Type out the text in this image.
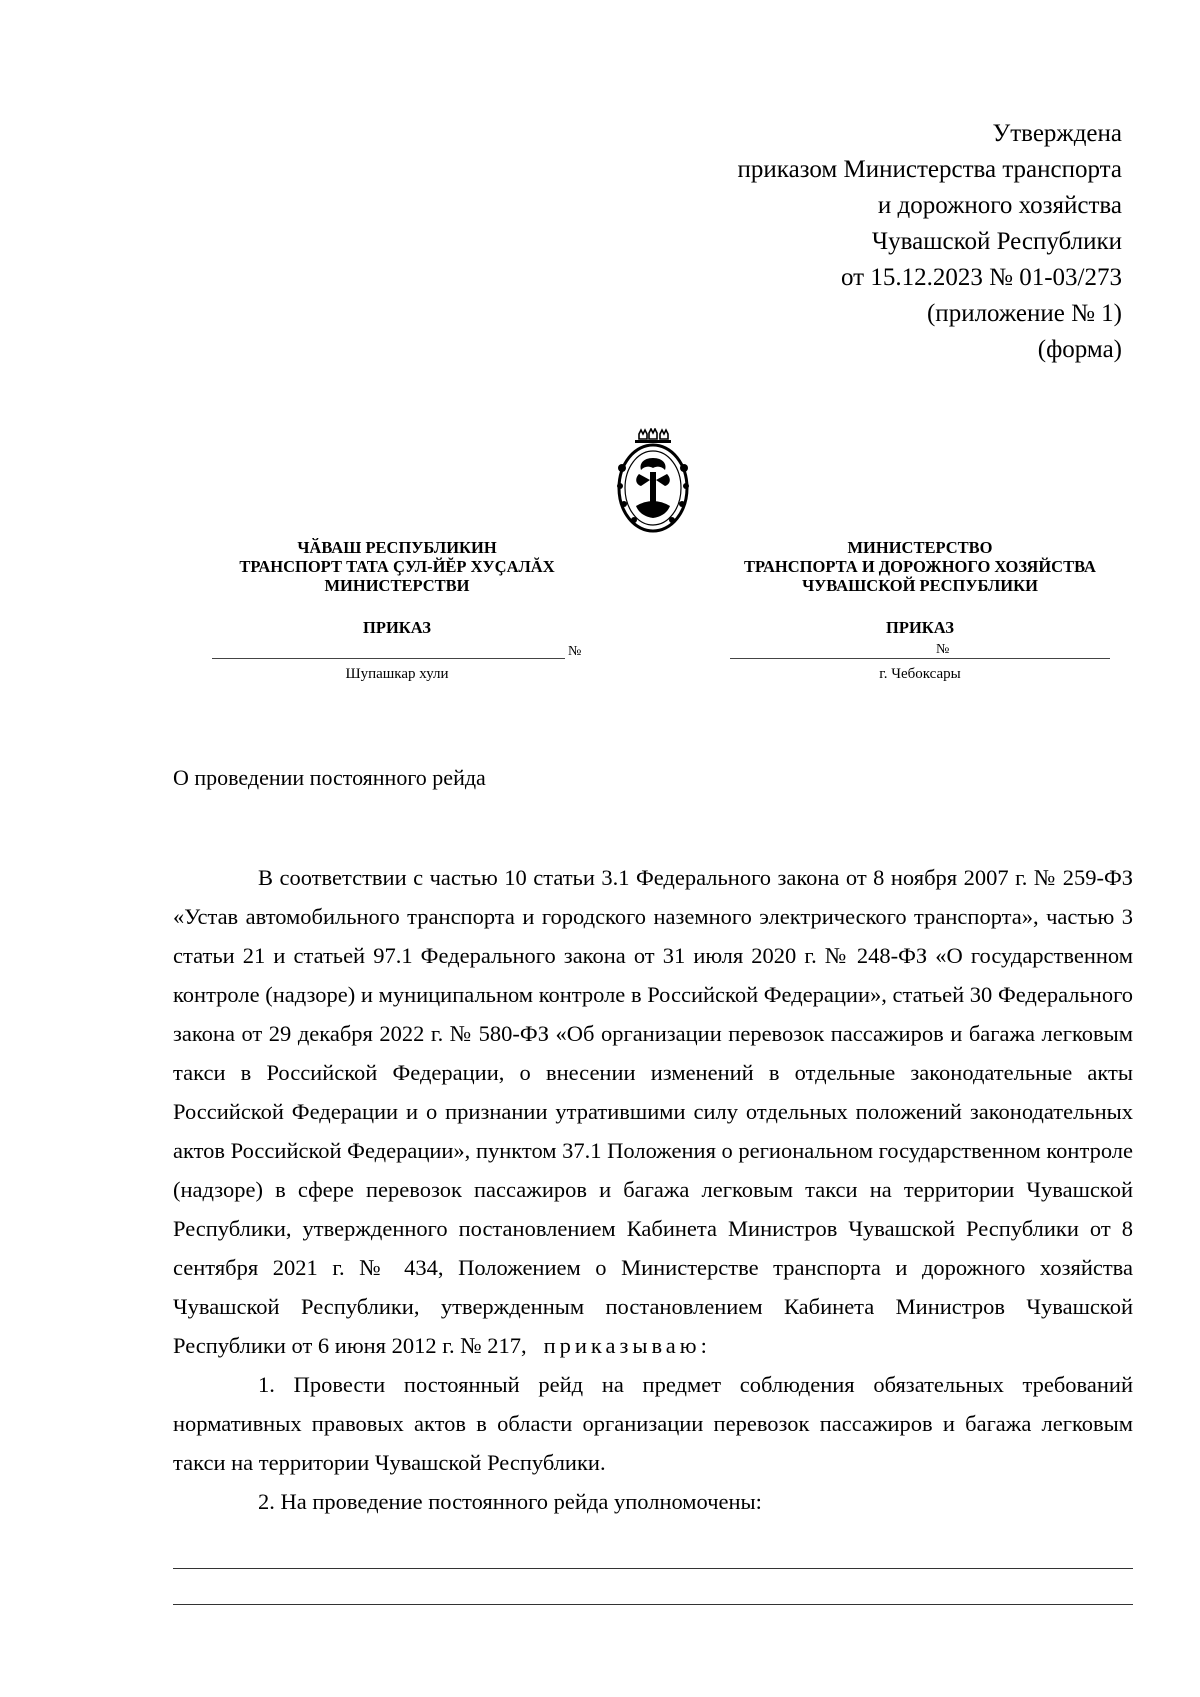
Утверждена
приказом Министерства транспорта
и дорожного хозяйства
Чувашской Республики
от 15.12.2023 № 01-03/273
(приложение № 1)
(форма)
ЧӐВАШ РЕСПУБЛИКИН
ТРАНСПОРТ ТАТА ҪУЛ-ЙĔР ХУҪАЛĂХ
МИНИСТЕРСТВИ
ПРИКАЗ
МИНИСТЕРСТВО
ТРАНСПОРТА И ДОРОЖНОГО ХОЗЯЙСТВА
ЧУВАШСКОЙ РЕСПУБЛИКИ
ПРИКАЗ
№
Шупашкар хули
№
г. Чебоксары
О проведении постоянного рейда

В соответствии с частью 10 статьи 3.1 Федерального закона от 8 ноября 2007 г. № 259-ФЗ «Устав автомобильного транспорта и городского наземного электрического транспорта», частью 3 статьи 21 и статьей 97.1 Федерального закона от 31 июля 2020 г. № 248-ФЗ «О государственном контроле (надзоре) и муниципальном контроле в Российской Федерации», статьей 30 Федерального закона от 29 декабря 2022 г. № 580-ФЗ «Об организации перевозок пассажиров и багажа легковым такси в Российской Федерации, о внесении изменений в отдельные законодательные акты Российской Федерации и о признании утратившими силу отдельных положений законодательных актов Российской Федерации», пунктом 37.1 Положения о региональном государственном контроле (надзоре) в сфере перевозок пассажиров и багажа легковым такси на территории Чувашской Республики, утвержденного постановлением Кабинета Министров Чувашской Республики от 8 сентября 2021 г. № 434, Положением о Министерстве транспорта и дорожного хозяйства Чувашской Республики, утвержденным постановлением Кабинета Министров Чувашской Республики от 6 июня 2012 г. № 217, приказываю:

1. Провести постоянный рейд на предмет соблюдения обязательных требований нормативных правовых актов в области организации перевозок пассажиров и багажа легковым такси на территории Чувашской Республики.

2. На проведение постоянного рейда уполномочены:
